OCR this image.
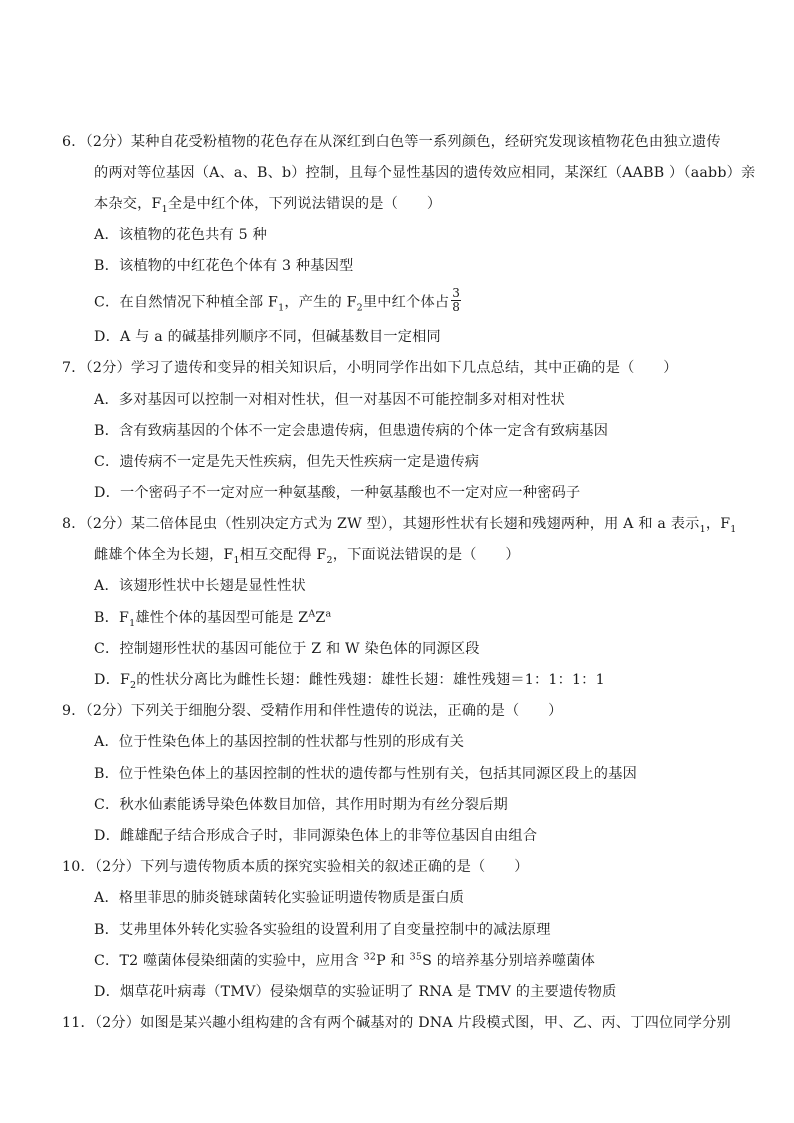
6．（2分）某种自花受粉植物的花色存在从深红到白色等一系列颜色，经研究发现该植物花色由独立遗传
的两对等位基因（A、a、B、b）控制，且每个显性基因的遗传效应相同，某深红（AABB ）（aabb）亲
本杂交，$F_1$全是中红个体，下列说法错误的是（　　）
A．该植物的花色共有 5 种
B．该植物的中红花色个体有 3 种基因型
C．在自然情况下种植全部 $F_1$，产生的 $F_2$里中红个体占 $\frac{3}{8}$
D．A 与 a 的碱基排列顺序不同，但碱基数目一定相同
7．（2分）学习了遗传和变异的相关知识后，小明同学作出如下几点总结，其中正确的是（　　）
A．多对基因可以控制一对相对性状，但一对基因不可能控制多对相对性状
B．含有致病基因的个体不一定会患遗传病，但患遗传病的个体一定含有致病基因
C．遗传病不一定是先天性疾病，但先天性疾病一定是遗传病
D．一个密码子不一定对应一种氨基酸，一种氨基酸也不一定对应一种密码子
8．（2分）某二倍体昆虫（性别决定方式为 ZW 型），其翅形性状有长翅和残翅两种，用 A 和 a 表示$_1$，$F_1$
雌雄个体全为长翅，$F_1$相互交配得 $F_2$，下面说法错误的是（　　）
A．该翅形性状中长翅是显性性状
B．$F_1$雄性个体的基因型可能是 $Z^AZ^a$
C．控制翅形性状的基因可能位于 Z 和 W 染色体的同源区段
D．$F_2$的性状分离比为雌性长翅：雌性残翅：雄性长翅：雄性残翅＝1：1：1：1
9．（2分）下列关于细胞分裂、受精作用和伴性遗传的说法，正确的是（　　）
A．位于性染色体上的基因控制的性状都与性别的形成有关
B．位于性染色体上的基因控制的性状的遗传都与性别有关，包括其同源区段上的基因
C．秋水仙素能诱导染色体数目加倍，其作用时期为有丝分裂后期
D．雌雄配子结合形成合子时，非同源染色体上的非等位基因自由组合
10．（2分）下列与遗传物质本质的探究实验相关的叙述正确的是（　　）
A．格里菲思的肺炎链球菌转化实验证明遗传物质是蛋白质
B．艾弗里体外转化实验各实验组的设置利用了自变量控制中的减法原理
C．T2 噬菌体侵染细菌的实验中，应用含 $^{32}$P 和 $^{35}$S 的培养基分别培养噬菌体
D．烟草花叶病毒（TMV）侵染烟草的实验证明了 RNA 是 TMV 的主要遗传物质
11．（2分）如图是某兴趣小组构建的含有两个碱基对的 DNA 片段模式图，甲、乙、丙、丁四位同学分别
